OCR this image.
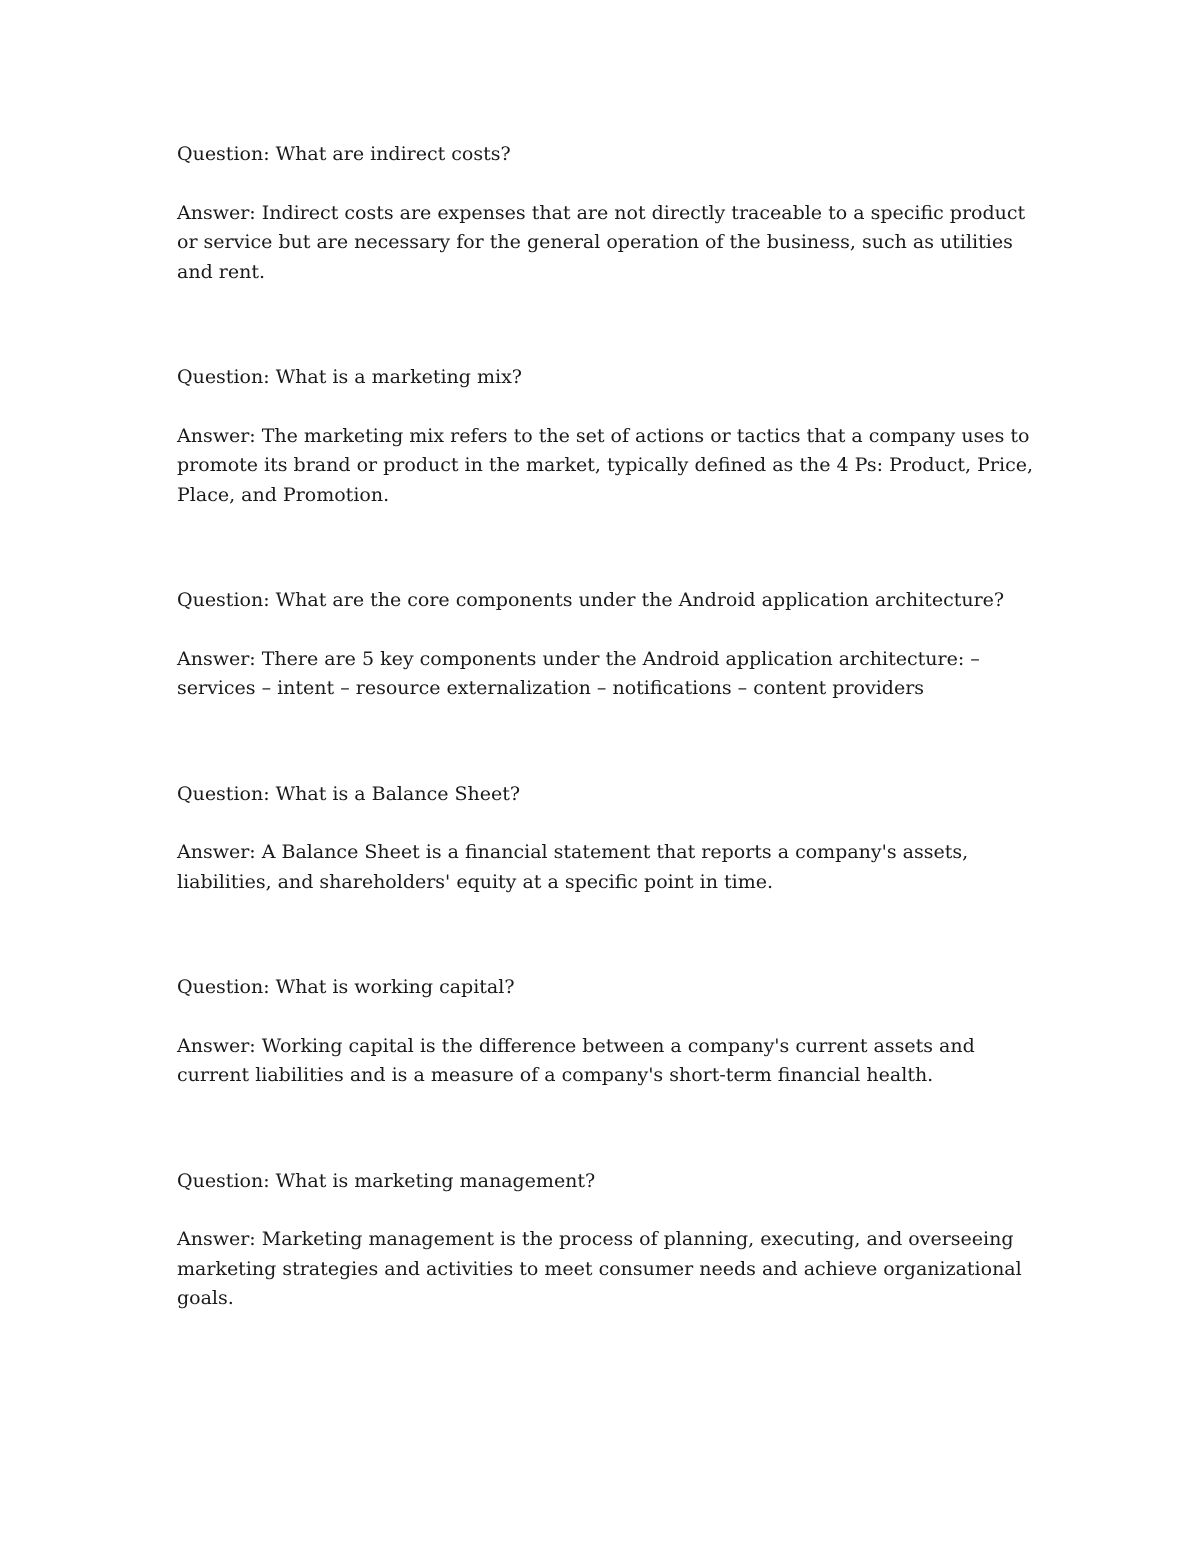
Question: What are indirect costs?

Answer: Indirect costs are expenses that are not directly traceable to a specific product or service but are necessary for the general operation of the business, such as utilities and rent.

Question: What is a marketing mix?

Answer: The marketing mix refers to the set of actions or tactics that a company uses to promote its brand or product in the market, typically defined as the 4 Ps: Product, Price, Place, and Promotion.

Question: What are the core components under the Android application architecture?

Answer: There are 5 key components under the Android application architecture: – services – intent – resource externalization – notifications – content providers

Question: What is a Balance Sheet?

Answer: A Balance Sheet is a financial statement that reports a company's assets, liabilities, and shareholders' equity at a specific point in time.

Question: What is working capital?

Answer: Working capital is the difference between a company's current assets and current liabilities and is a measure of a company's short-term financial health.

Question: What is marketing management?

Answer: Marketing management is the process of planning, executing, and overseeing marketing strategies and activities to meet consumer needs and achieve organizational goals.
